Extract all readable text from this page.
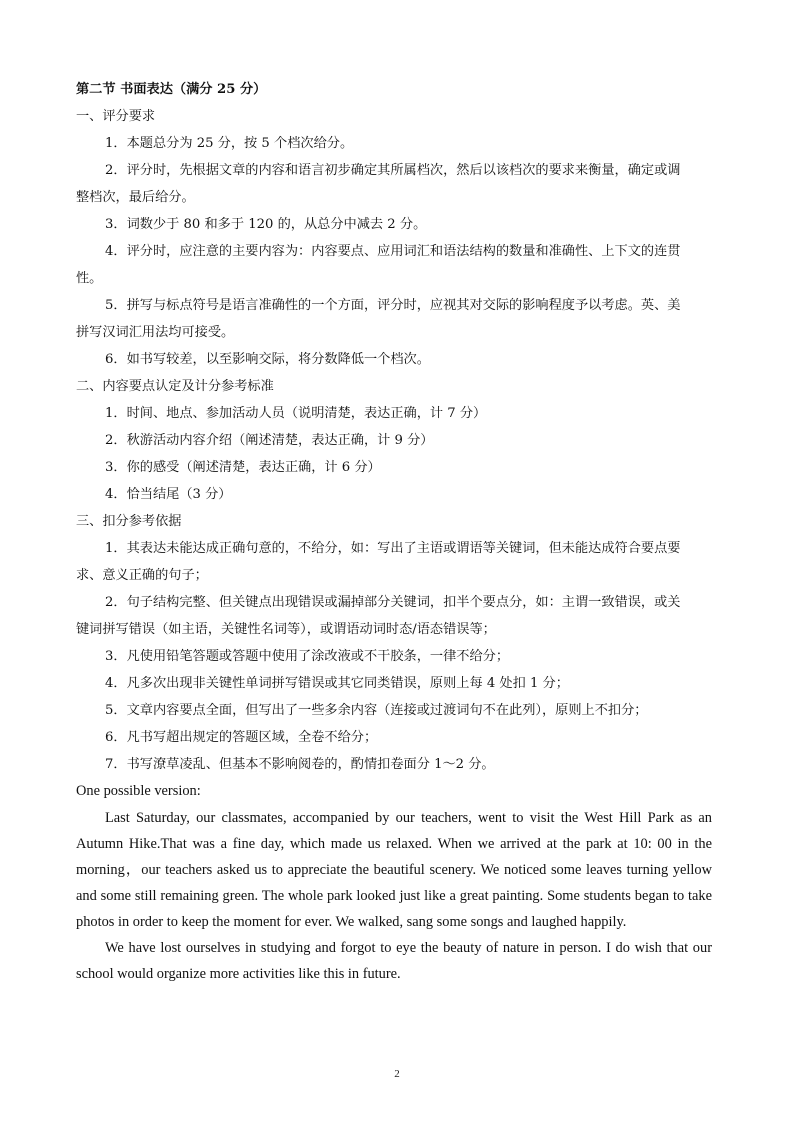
第二节 书面表达（满分 25 分）
一、评分要求
1．本题总分为 25 分，按 5 个档次给分。
2．评分时，先根据文章的内容和语言初步确定其所属档次，然后以该档次的要求来衡量，确定或调
整档次，最后给分。
3．词数少于 80 和多于 120 的，从总分中减去 2 分。
4．评分时，应注意的主要内容为：内容要点、应用词汇和语法结构的数量和准确性、上下文的连贯
性。
5．拼写与标点符号是语言准确性的一个方面，评分时，应视其对交际的影响程度予以考虑。英、美
拼写汉词汇用法均可接受。
6．如书写较差，以至影响交际，将分数降低一个档次。
二、内容要点认定及计分参考标准
1．时间、地点、参加活动人员（说明清楚，表达正确，计 7 分）
2．秋游活动内容介绍（阐述清楚，表达正确，计 9 分）
3．你的感受（阐述清楚，表达正确，计 6 分）
4．恰当结尾（3 分）
三、扣分参考依据
1．其表达未能达成正确句意的，不给分，如：写出了主语或谓语等关键词，但未能达成符合要点要
求、意义正确的句子；
2．句子结构完整、但关键点出现错误或漏掉部分关键词，扣半个要点分，如：主谓一致错误，或关
键词拼写错误（如主语，关键性名词等），或谓语动词时态/语态错误等；
3．凡使用铅笔答题或答题中使用了涂改液或不干胶条，一律不给分；
4．凡多次出现非关键性单词拼写错误或其它同类错误，原则上每 4 处扣 1 分；
5．文章内容要点全面，但写出了一些多余内容（连接或过渡词句不在此列），原则上不扣分；
6．凡书写超出规定的答题区域，全卷不给分；
7．书写潦草凌乱、但基本不影响阅卷的，酌情扣卷面分 1～2 分。
One possible version:
Last Saturday, our classmates, accompanied by our teachers, went to visit the West Hill Park as an Autumn Hike.That was a fine day, which made us relaxed. When we arrived at the park at 10: 00 in the morning，our teachers asked us to appreciate the beautiful scenery. We noticed some leaves turning yellow and some still remaining green. The whole park looked just like a great painting. Some students began to take photos in order to keep the moment for ever. We walked, sang some songs and laughed happily.
We have lost ourselves in studying and forgot to eye the beauty of nature in person. I do wish that our school would organize more activities like this in future.
2
